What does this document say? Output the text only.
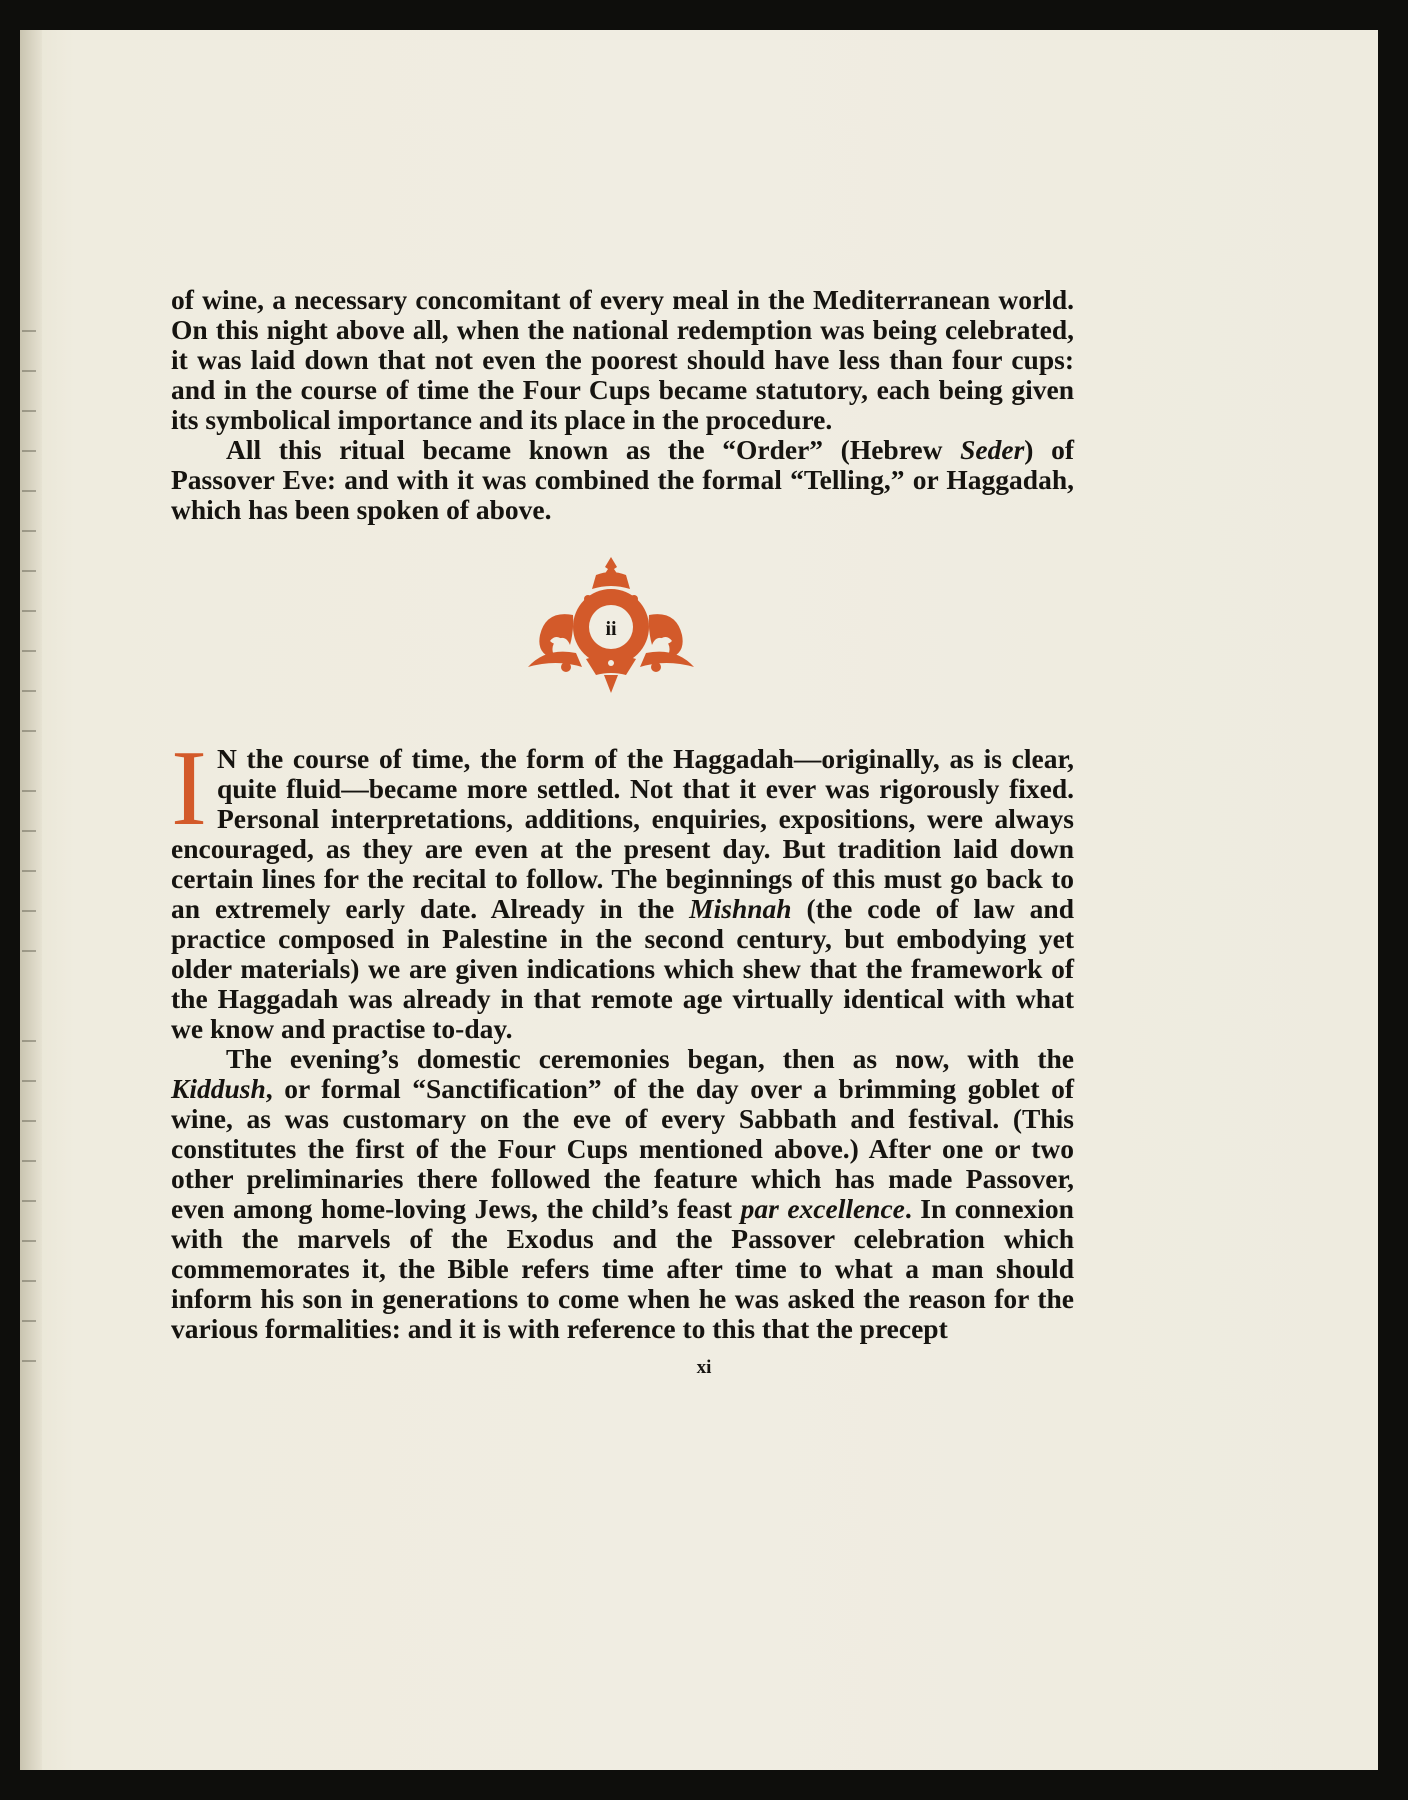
of wine, a necessary concomitant of every meal in the Mediterranean world. On this night above all, when the national redemption was being celebrated, it was laid down that not even the poorest should have less than four cups: and in the course of time the Four Cups became statutory, each being given its symbolical importance and its place in the procedure.

All this ritual became known as the “Order” (Hebrew Seder) of Passover Eve: and with it was combined the formal “Telling,” or Haggadah, which has been spoken of above.

ii

I N the course of time, the form of the Haggadah—originally, as is clear, quite fluid—became more settled. Not that it ever was rigorously fixed. Personal interpretations, additions, enquiries, expositions, were always encouraged, as they are even at the present day. But tradition laid down certain lines for the recital to follow. The beginnings of this must go back to an extremely early date. Already in the Mishnah (the code of law and practice composed in Palestine in the second century, but embodying yet older materials) we are given indications which shew that the framework of the Haggadah was already in that remote age virtually identical with what we know and practise to-day.

The evening’s domestic ceremonies began, then as now, with the Kiddush, or formal “Sanctification” of the day over a brimming goblet of wine, as was customary on the eve of every Sabbath and festival. (This constitutes the first of the Four Cups mentioned above.) After one or two other preliminaries there followed the feature which has made Passover, even among home-loving Jews, the child’s feast par excellence. In connexion with the marvels of the Exodus and the Passover celebration which commemorates it, the Bible refers time after time to what a man should inform his son in generations to come when he was asked the reason for the various formalities: and it is with reference to this that the precept

xi
